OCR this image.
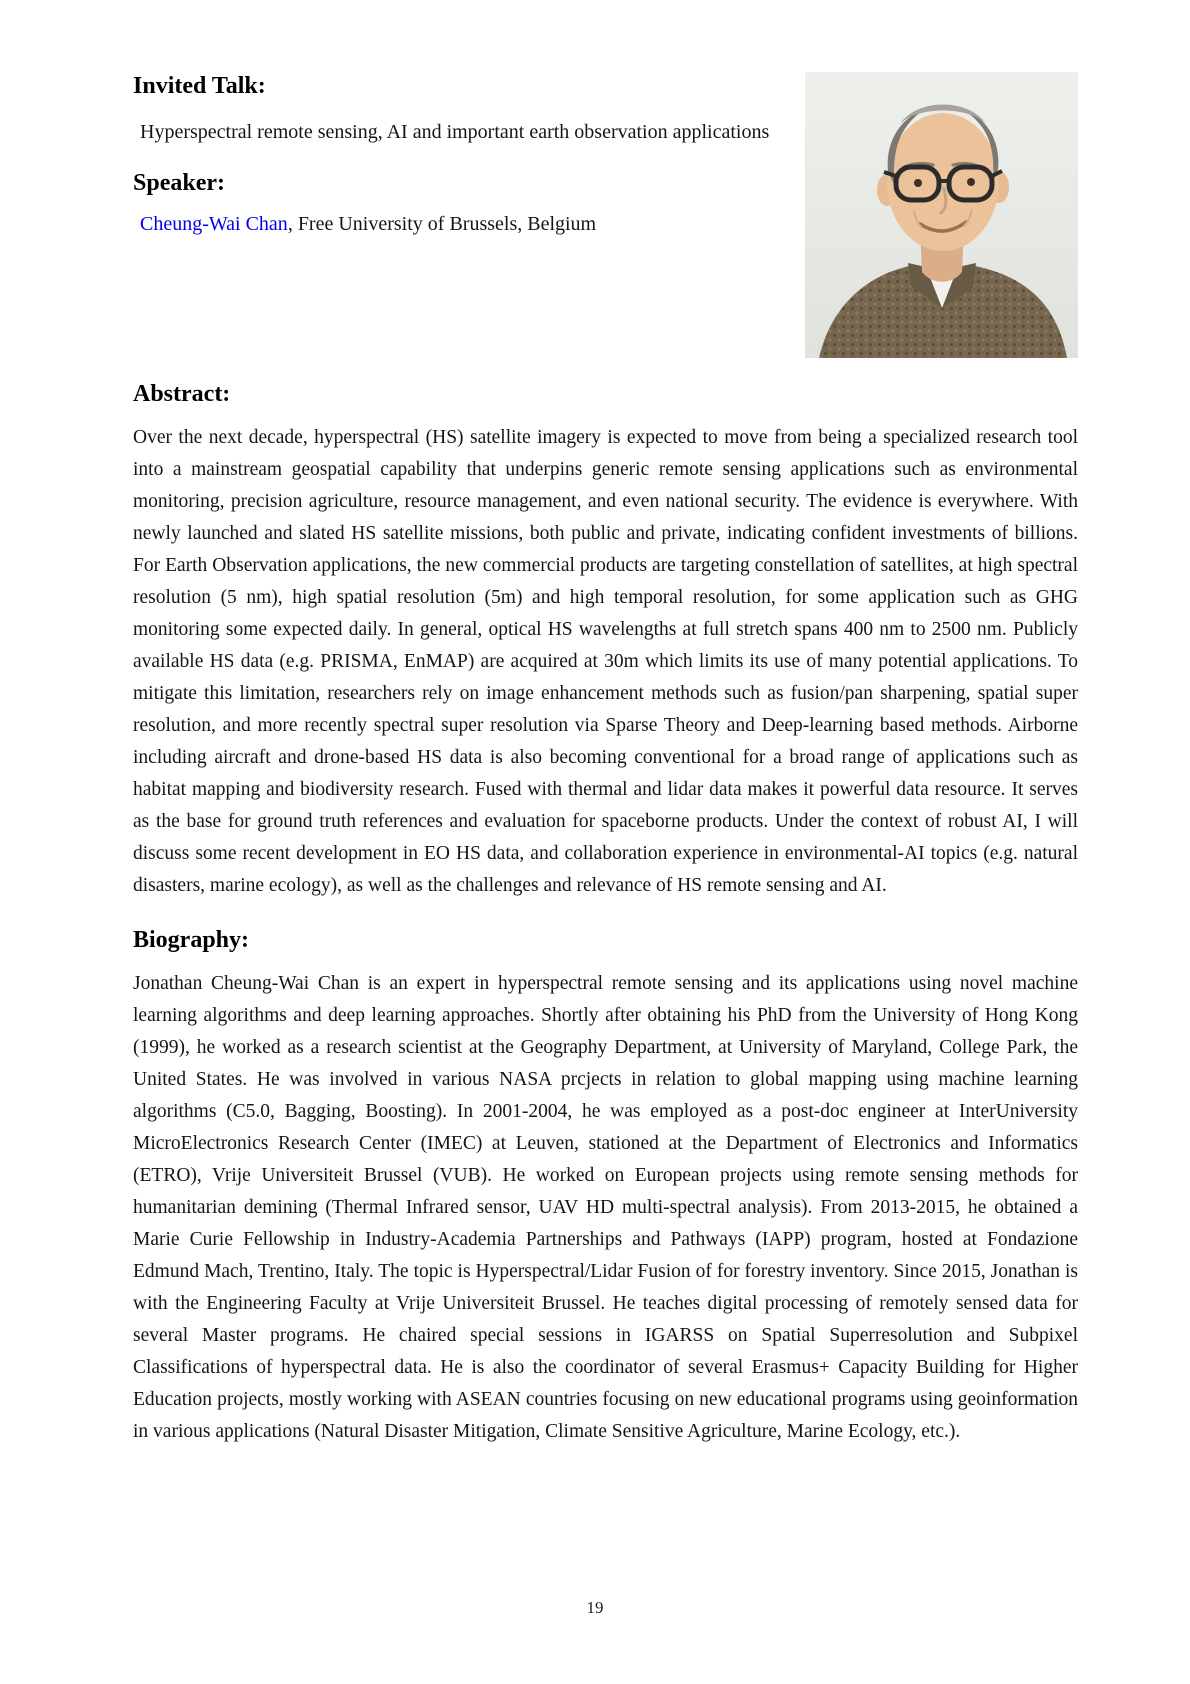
Invited Talk:

Hyperspectral remote sensing, AI and important earth observation applications

Speaker:

Cheung-Wai Chan, Free University of Brussels, Belgium

Abstract:

Over the next decade, hyperspectral (HS) satellite imagery is expected to move from being a specialized research tool into a mainstream geospatial capability that underpins generic remote sensing applications such as environmental monitoring, precision agriculture, resource management, and even national security. The evidence is everywhere. With newly launched and slated HS satellite missions, both public and private, indicating confident investments of billions. For Earth Observation applications, the new commercial products are targeting constellation of satellites, at high spectral resolution (5 nm), high spatial resolution (5m) and high temporal resolution, for some application such as GHG monitoring some expected daily. In general, optical HS wavelengths at full stretch spans 400 nm to 2500 nm. Publicly available HS data (e.g. PRISMA, EnMAP) are acquired at 30m which limits its use of many potential applications. To mitigate this limitation, researchers rely on image enhancement methods such as fusion/pan sharpening, spatial super resolution, and more recently spectral super resolution via Sparse Theory and Deep-learning based methods. Airborne including aircraft and drone-based HS data is also becoming conventional for a broad range of applications such as habitat mapping and biodiversity research. Fused with thermal and lidar data makes it powerful data resource. It serves as the base for ground truth references and evaluation for spaceborne products. Under the context of robust AI, I will discuss some recent development in EO HS data, and collaboration experience in environmental-AI topics (e.g. natural disasters, marine ecology), as well as the challenges and relevance of HS remote sensing and AI.

Biography:

Jonathan Cheung-Wai Chan is an expert in hyperspectral remote sensing and its applications using novel machine learning algorithms and deep learning approaches. Shortly after obtaining his PhD from the University of Hong Kong (1999), he worked as a research scientist at the Geography Department, at University of Maryland, College Park, the United States. He was involved in various NASA prcjects in relation to global mapping using machine learning algorithms (C5.0, Bagging, Boosting). In 2001-2004, he was employed as a post-doc engineer at InterUniversity MicroElectronics Research Center (IMEC) at Leuven, stationed at the Department of Electronics and Informatics (ETRO), Vrije Universiteit Brussel (VUB). He worked on European projects using remote sensing methods for humanitarian demining (Thermal Infrared sensor, UAV HD multi-spectral analysis). From 2013-2015, he obtained a Marie Curie Fellowship in Industry-Academia Partnerships and Pathways (IAPP) program, hosted at Fondazione Edmund Mach, Trentino, Italy. The topic is Hyperspectral/Lidar Fusion of for forestry inventory. Since 2015, Jonathan is with the Engineering Faculty at Vrije Universiteit Brussel. He teaches digital processing of remotely sensed data for several Master programs. He chaired special sessions in IGARSS on Spatial Superresolution and Subpixel Classifications of hyperspectral data. He is also the coordinator of several Erasmus+ Capacity Building for Higher Education projects, mostly working with ASEAN countries focusing on new educational programs using geoinformation in various applications (Natural Disaster Mitigation, Climate Sensitive Agriculture, Marine Ecology, etc.).

19
